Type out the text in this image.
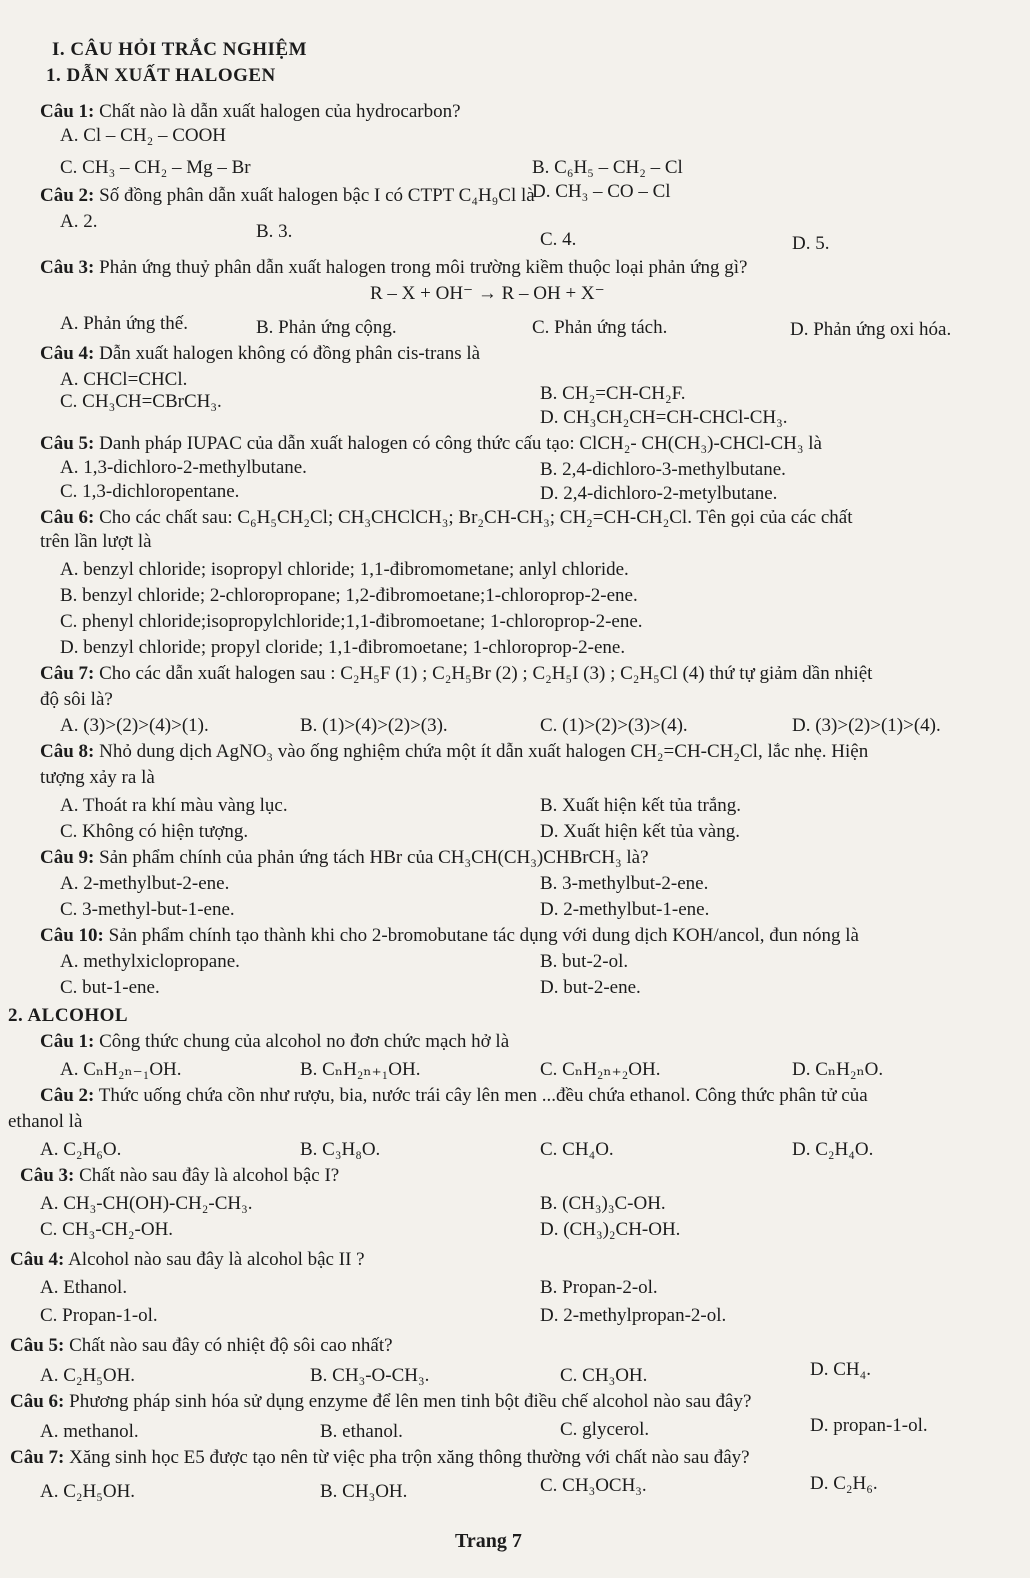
I. CÂU HỎI TRẮC NGHIỆM
1. DẪN XUẤT HALOGEN
Câu 1: Chất nào là dẫn xuất halogen của hydrocarbon?
A. Cl – CH₂ – COOH
B. C₆H₅ – CH₂ – Cl
C. CH₃ – CH₂ – Mg – Br
D. CH₃ – CO – Cl
Câu 2: Số đồng phân dẫn xuất halogen bậc I có CTPT C₄H₉Cl là
A. 2.	B. 3.	C. 4.	D. 5.
Câu 3: Phản ứng thuỷ phân dẫn xuất halogen trong môi trường kiềm thuộc loại phản ứng gì?
R – X + OH⁻ → R – OH + X⁻
A. Phản ứng thế.	B. Phản ứng cộng.	C. Phản ứng tách.	D. Phản ứng oxi hóa.
Câu 4: Dẫn xuất halogen không có đồng phân cis-trans là
A. CHCl=CHCl.
B. CH₂=CH-CH₂F.
C. CH₃CH=CBrCH₃.
D. CH₃CH₂CH=CH-CHCl-CH₃.
Câu 5: Danh pháp IUPAC của dẫn xuất halogen có công thức cấu tạo: ClCH₂- CH(CH₃)-CHCl-CH₃ là
A. 1,3-dichloro-2-methylbutane.	B. 2,4-dichloro-3-methylbutane.
C. 1,3-dichloropentane.	D. 2,4-dichloro-2-metylbutane.
Câu 6: Cho các chất sau: C₆H₅CH₂Cl; CH₃CHClCH₃; Br₂CH-CH₃; CH₂=CH-CH₂Cl. Tên gọi của các chất
trên lần lượt là
A. benzyl chloride; isopropyl chloride; 1,1-đibromometane; anlyl chloride.
B. benzyl chloride; 2-chloropropane; 1,2-đibromoetane;1-chloroprop-2-ene.
C. phenyl chloride;isopropylchloride;1,1-đibromoetane; 1-chloroprop-2-ene.
D. benzyl chloride; propyl cloride; 1,1-đibromoetane; 1-chloroprop-2-ene.
Câu 7: Cho các dẫn xuất halogen sau : C₂H₅F (1) ; C₂H₅Br (2) ; C₂H₅I (3) ; C₂H₅Cl (4) thứ tự giảm dần nhiệt
độ sôi là?
A. (3)>(2)>(4)>(1).	B. (1)>(4)>(2)>(3).	C. (1)>(2)>(3)>(4).	D. (3)>(2)>(1)>(4).
Câu 8: Nhỏ dung dịch AgNO₃ vào ống nghiệm chứa một ít dẫn xuất halogen CH₂=CH-CH₂Cl, lắc nhẹ. Hiện
tượng xảy ra là
A. Thoát ra khí màu vàng lục.	B. Xuất hiện kết tủa trắng.
C. Không có hiện tượng.	D. Xuất hiện kết tủa vàng.
Câu 9: Sản phẩm chính của phản ứng tách HBr của CH₃CH(CH₃)CHBrCH₃ là?
A. 2-methylbut-2-ene.	B. 3-methylbut-2-ene.
C. 3-methyl-but-1-ene.	D. 2-methylbut-1-ene.
Câu 10: Sản phẩm chính tạo thành khi cho 2-bromobutane tác dụng với dung dịch KOH/ancol, đun nóng là
A. methylxiclopropane.	B. but-2-ol.
C. but-1-ene.	D. but-2-ene.
2. ALCOHOL
Câu 1: Công thức chung của alcohol no đơn chức mạch hở là
A. CₙH₂ₙ₋₁OH.	B. CₙH₂ₙ₊₁OH.	C. CₙH₂ₙ₊₂OH.	D. CₙH₂ₙO.
Câu 2: Thức uống chứa cồn như rượu, bia, nước trái cây lên men ...đều chứa ethanol. Công thức phân tử của
ethanol là
A. C₂H₆O.	B. C₃H₈O.	C. CH₄O.	D. C₂H₄O.
Câu 3: Chất nào sau đây là alcohol bậc I?
A. CH₃-CH(OH)-CH₂-CH₃.	B. (CH₃)₃C-OH.
C. CH₃-CH₂-OH.	D. (CH₃)₂CH-OH.
Câu 4: Alcohol nào sau đây là alcohol bậc II ?
A. Ethanol.	B. Propan-2-ol.
C. Propan-1-ol.	D. 2-methylpropan-2-ol.
Câu 5: Chất nào sau đây có nhiệt độ sôi cao nhất?
A. C₂H₅OH.	B. CH₃-O-CH₃.	C. CH₃OH.	D. CH₄.
Câu 6: Phương pháp sinh hóa sử dụng enzyme để lên men tinh bột điều chế alcohol nào sau đây?
A. methanol.	B. ethanol.	C. glycerol.	D. propan-1-ol.
Câu 7: Xăng sinh học E5 được tạo nên từ việc pha trộn xăng thông thường với chất nào sau đây?
A. C₂H₅OH.	B. CH₃OH.	C. CH₃OCH₃.	D. C₂H₆.
Trang 7
